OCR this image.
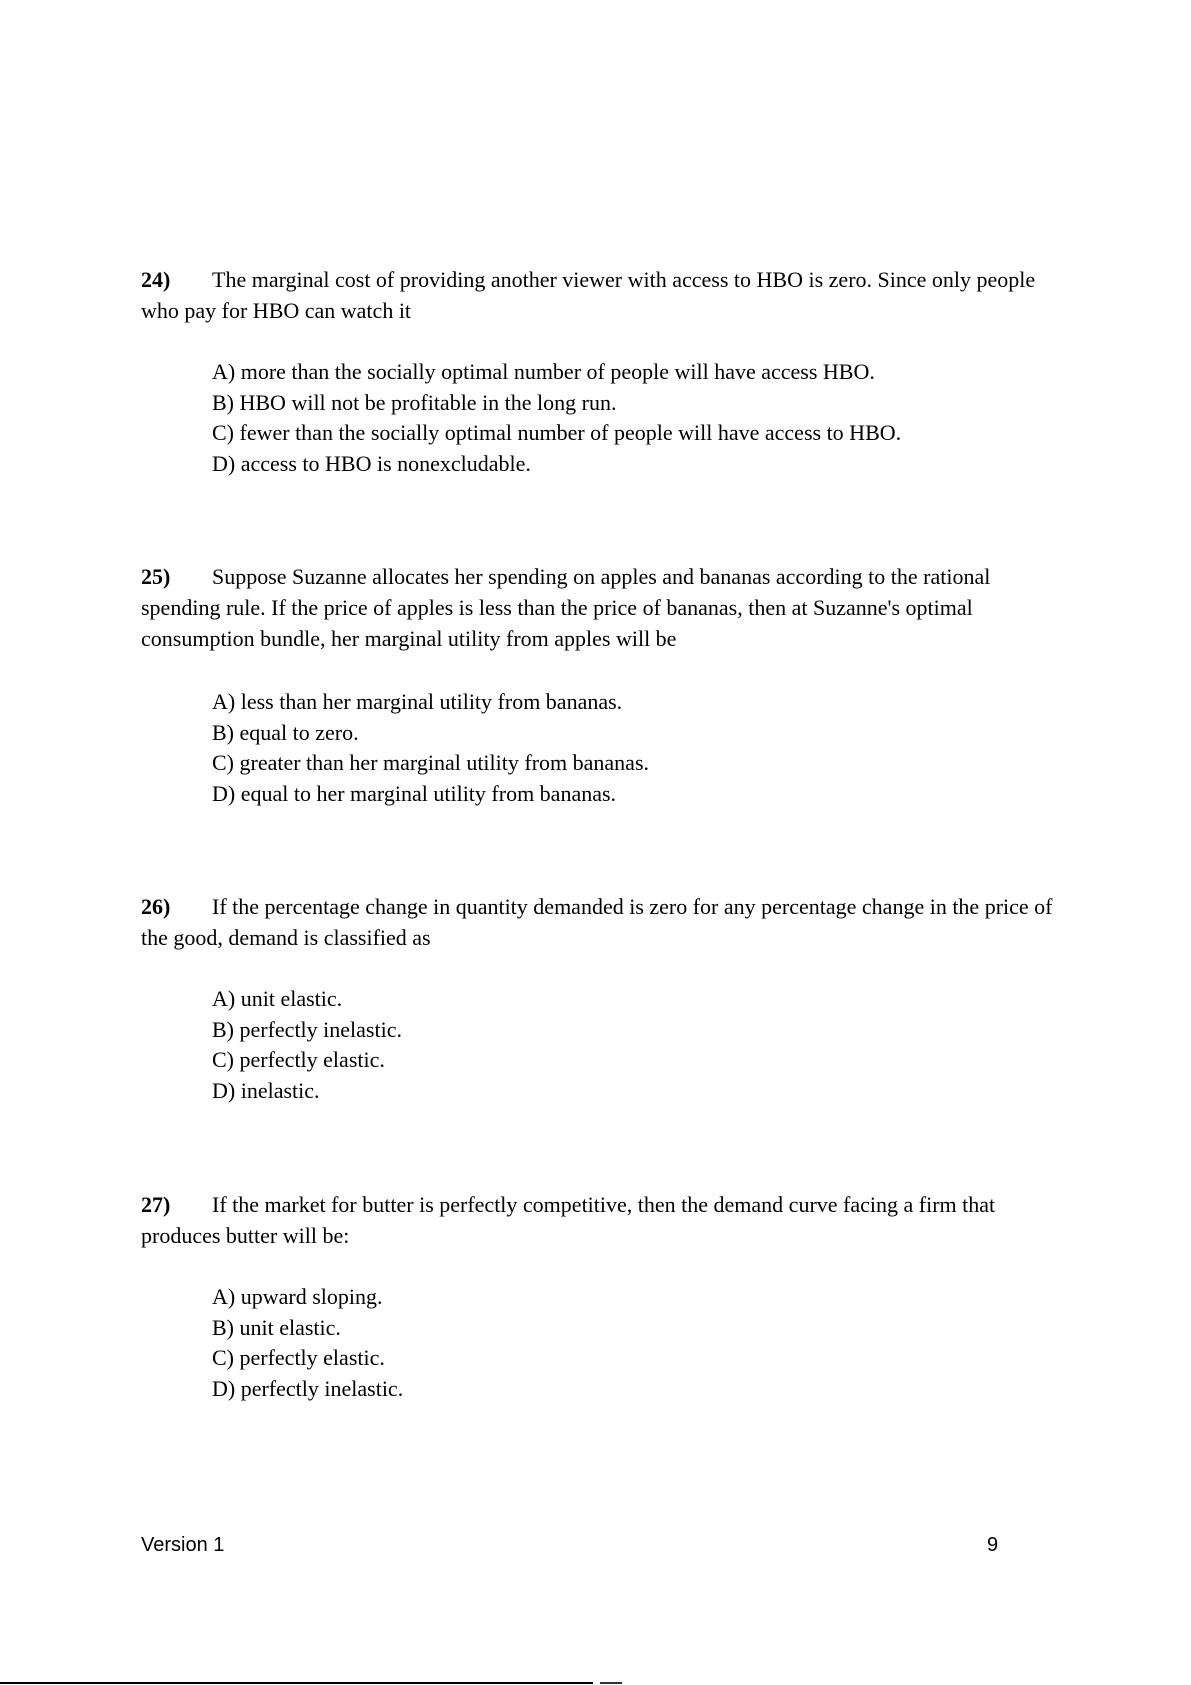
24) The marginal cost of providing another viewer with access to HBO is zero. Since only people who pay for HBO can watch it
A) more than the socially optimal number of people will have access HBO.
B) HBO will not be profitable in the long run.
C) fewer than the socially optimal number of people will have access to HBO.
D) access to HBO is nonexcludable.
25) Suppose Suzanne allocates her spending on apples and bananas according to the rational spending rule. If the price of apples is less than the price of bananas, then at Suzanne's optimal consumption bundle, her marginal utility from apples will be
A) less than her marginal utility from bananas.
B) equal to zero.
C) greater than her marginal utility from bananas.
D) equal to her marginal utility from bananas.
26) If the percentage change in quantity demanded is zero for any percentage change in the price of the good, demand is classified as
A) unit elastic.
B) perfectly inelastic.
C) perfectly elastic.
D) inelastic.
27) If the market for butter is perfectly competitive, then the demand curve facing a firm that produces butter will be:
A) upward sloping.
B) unit elastic.
C) perfectly elastic.
D) perfectly inelastic.
Version 1	9
